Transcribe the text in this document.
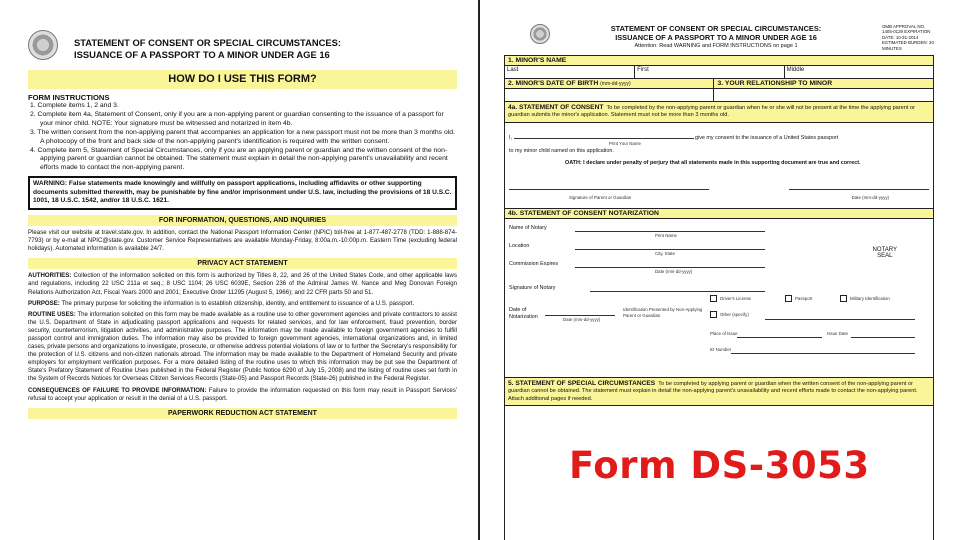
STATEMENT OF CONSENT OR SPECIAL CIRCUMSTANCES:
ISSUANCE OF A PASSPORT TO A MINOR UNDER AGE 16
HOW DO I USE THIS FORM?
FORM INSTRUCTIONS
1. Complete items 1, 2 and 3.
2. Complete item 4a, Statement of Consent, only if you are a non-applying parent or guardian consenting to the issuance of a passport for your minor child. NOTE: Your signature must be witnessed and notarized in item 4b.
3. The written consent from the non-applying parent that accompanies an application for a new passport must not be more than 3 months old. A photocopy of the front and back side of the non-applying parent's identification is required with the written consent.
4. Complete item 5, Statement of Special Circumstances, only if you are an applying parent or guardian and the written consent of the non-applying parent or guardian cannot be obtained. The statement must explain in detail the non-applying parent's unavailability and recent efforts made to contact the non-applying parent.
WARNING: False statements made knowingly and willfully on passport applications, including affidavits or other supporting documents submitted therewith, may be punishable by fine and/or imprisonment under U.S. law, including the provisions of 18 U.S.C. 1001, 18 U.S.C. 1542, and/or 18 U.S.C. 1621.
FOR INFORMATION, QUESTIONS, AND INQUIRIES
Please visit our website at travel.state.gov. In addition, contact the National Passport Information Center (NPIC) toll-free at 1-877-487-2778 (TDD: 1-888-874-7793) or by e-mail at NPIC@state.gov. Customer Service Representatives are available Monday-Friday, 8:00a.m.-10:00p.m. Eastern Time (excluding federal holidays). Automated information is available 24/7.
PRIVACY ACT STATEMENT
AUTHORITIES: Collection of the information solicited on this form is authorized by Titles 8, 22, and 26 of the United States Code, and other applicable laws and regulations, including 22 USC 211a et seq.; 8 USC 1104; 26 USC 6039E, Section 236 of the Admiral James W. Nance and Meg Donovan Foreign Relations Authorization Act, Fiscal Years 2000 and 2001; Executive Order 11295 (August 5, 1966); and 22 CFR parts 50 and 51.
PURPOSE: The primary purpose for soliciting the information is to establish citizenship, identity, and entitlement to issuance of a U.S. passport.
ROUTINE USES: The information solicited on this form may be made available as a routine use to other government agencies and private contractors to assist the U.S. Department of State in adjudicating passport applications and requests for related services, and for law enforcement, fraud prevention, border security, counterterrorism, litigation activities, and administrative purposes. The information may be made available to foreign government agencies to fulfill passport control and immigration duties. The information may also be provided to foreign government agencies, international organizations and, in limited cases, private persons and organizations to investigate, prosecute, or otherwise address potential violations of law or to further the Secretary's responsibility for the protection of U.S. citizens and non-citizen nationals abroad. The information may be made available to the Department of Homeland Security and private employers for employment verification purposes. For a more detailed listing of the routine uses to which this information may be put see the Department of State's Prefatory Statement of Routine Uses published in the Federal Register (Public Notice 6290 of July 15, 2008) and the listing of routine uses set forth in the System of Records Notices for Overseas Citizen Services Records (State-05) and Passport Records (State-26) published in the Federal Register.
CONSEQUENCES OF FAILURE TO PROVIDE INFORMATION: Failure to provide the information requested on this form may result in Passport Services' refusal to accept your application or result in the denial of a U.S. passport.
PAPERWORK REDUCTION ACT STATEMENT
STATEMENT OF CONSENT OR SPECIAL CIRCUMSTANCES:
ISSUANCE OF A PASSPORT TO A MINOR UNDER AGE 16
Attention: Read WARNING and FORM INSTRUCTIONS on page 1
OMB APPROVAL NO. 1405-0129 EXPIRATION DATE: 10-31-2014 ESTIMATED BURDEN: 20 MINUTES
1. MINOR'S NAME
Last	First	Middle
2. MINOR'S DATE OF BIRTH (mm-dd-yyyy)	3. YOUR RELATIONSHIP TO MINOR
4a. STATEMENT OF CONSENT To be completed by the non-applying parent or guardian when he or she will not be present at the time the applying parent or guardian submits the minor's application. Statement must not be more than 3 months old.
I,	give my consent to the issuance of a United States passport
Print Your Name
to my minor child named on this application.
OATH: I declare under penalty of perjury that all statements made in this supporting document are true and correct.
Signature of Parent or Guardian	Date (mm-dd-yyyy)
4b. STATEMENT OF CONSENT NOTARIZATION
Name of Notary
Print Name
Location
City, State
Commission Expires
Date (mm-dd-yyyy)
NOTARY
SEAL
Signature of Notary
Date of
Notarization	Date (mm-dd-yyyy)
Identification Presented by Non-Applying Parent or Guardian
Driver's License	Passport	Military Identification
Other (specify)
Place of Issue	Issue Date
ID Number
5. STATEMENT OF SPECIAL CIRCUMSTANCES To be completed by applying parent or guardian when the written consent of the non-applying parent or guardian cannot be obtained. The statement must explain in detail the non-applying parent's unavailability and recent efforts made to contact the non-applying parent. Attach additional pages if needed.
Form DS-3053
